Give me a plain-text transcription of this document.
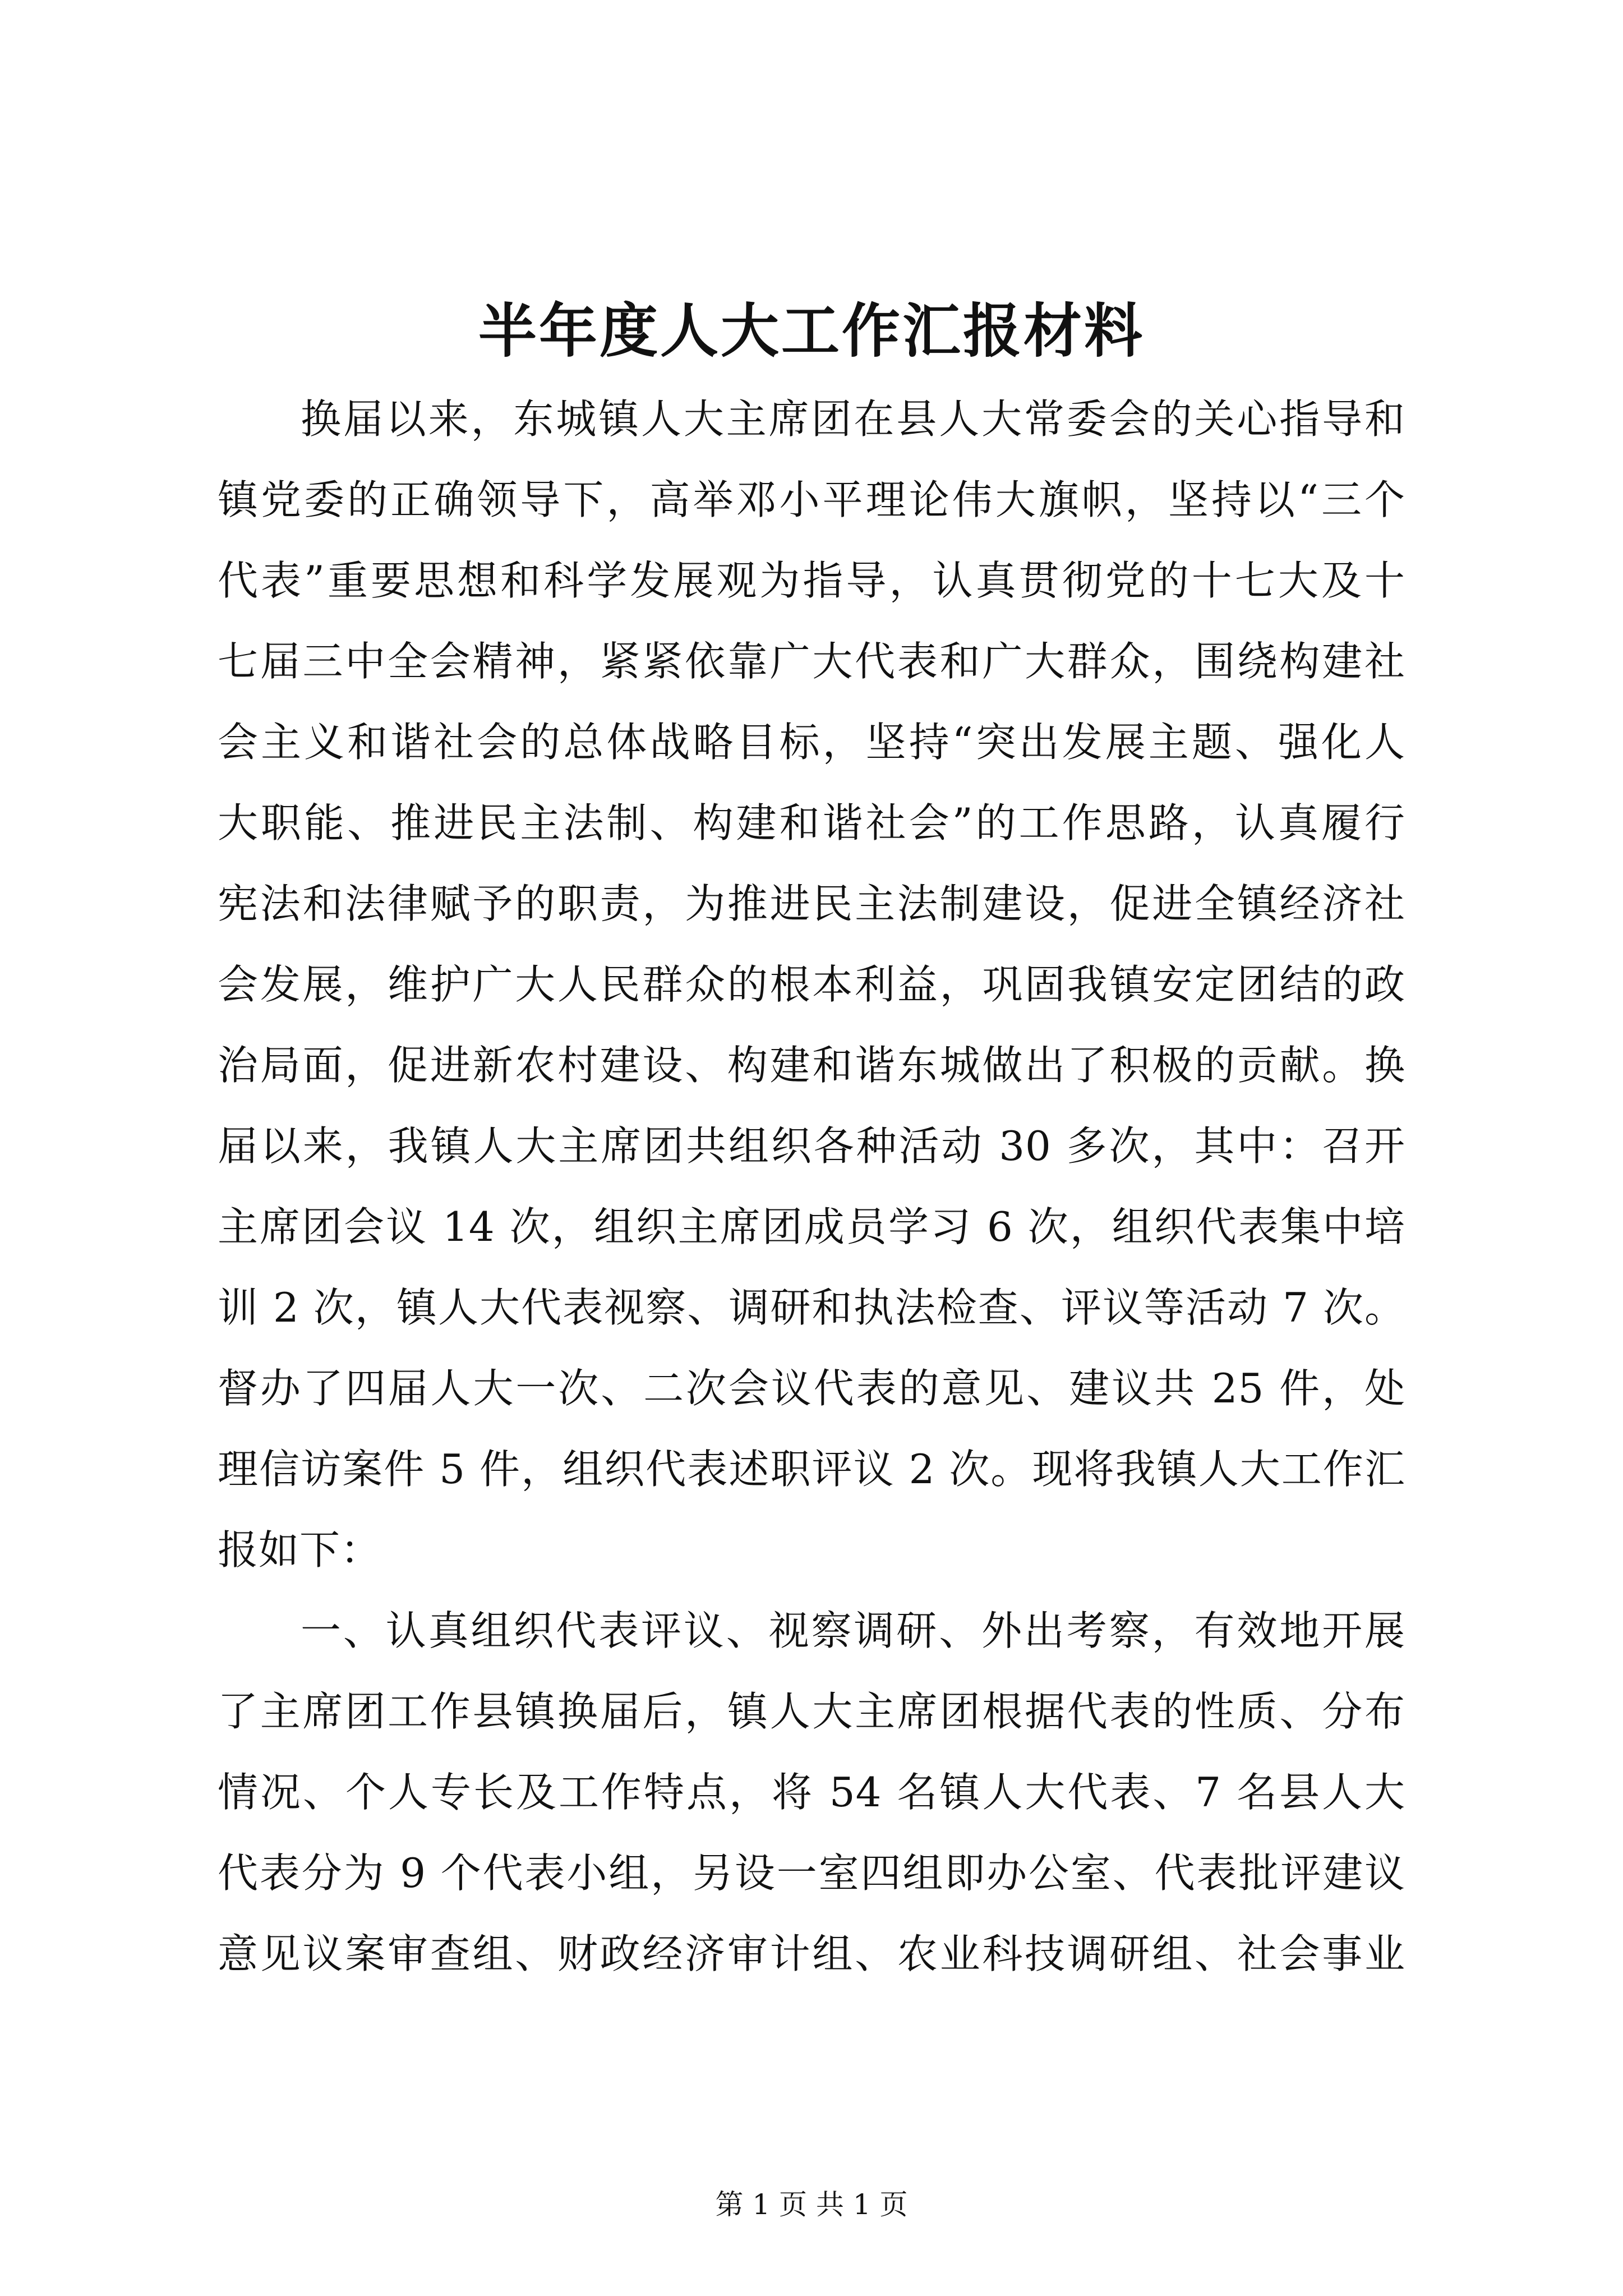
半年度人大工作汇报材料
换届以来，东城镇人大主席团在县人大常委会的关心指导和
镇党委的正确领导下，高举邓小平理论伟大旗帜，坚持以“三个
代表”重要思想和科学发展观为指导，认真贯彻党的十七大及十
七届三中全会精神，紧紧依靠广大代表和广大群众，围绕构建社
会主义和谐社会的总体战略目标，坚持“突出发展主题、强化人
大职能、推进民主法制、构建和谐社会”的工作思路，认真履行
宪法和法律赋予的职责，为推进民主法制建设，促进全镇经济社
会发展，维护广大人民群众的根本利益，巩固我镇安定团结的政
治局面，促进新农村建设、构建和谐东城做出了积极的贡献。换
届以来，我镇人大主席团共组织各种活动 30 多次，其中：召开
主席团会议 14 次，组织主席团成员学习 6 次，组织代表集中培
训 2 次，镇人大代表视察、调研和执法检查、评议等活动 7 次。
督办了四届人大一次、二次会议代表的意见、建议共 25 件，处
理信访案件 5 件，组织代表述职评议 2 次。现将我镇人大工作汇
报如下：
一、认真组织代表评议、视察调研、外出考察，有效地开展
了主席团工作县镇换届后，镇人大主席团根据代表的性质、分布
情况、个人专长及工作特点，将 54 名镇人大代表、7 名县人大
代表分为 9 个代表小组，另设一室四组即办公室、代表批评建议
意见议案审查组、财政经济审计组、农业科技调研组、社会事业
第 1 页 共 1 页
